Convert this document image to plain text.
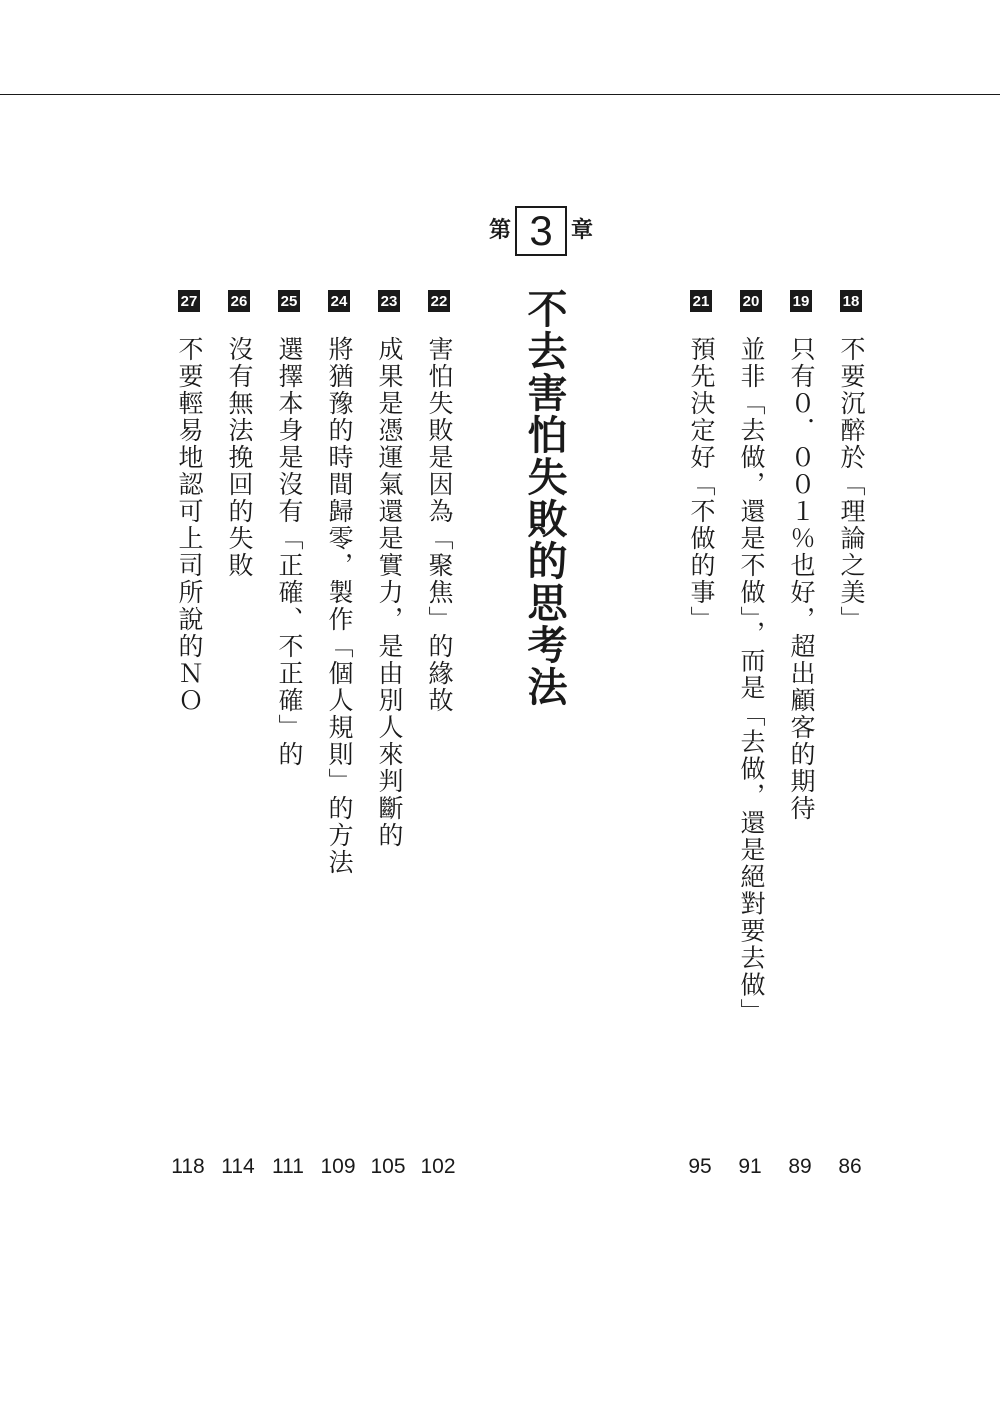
第 3 章
不去害怕失敗的思考法	18
不要沉醉於「理論之美」
86
19
只有０．００１％也好，超出顧客的期待
89
20
並非「去做，還是不做」，而是「去做，還是絕對要去做」
91
21
預先決定好「不做的事」
95
22
害怕失敗是因為「聚焦」的緣故
102
23
成果是憑運氣還是實力，是由別人來判斷的
105
24
將猶豫的時間歸零，製作「個人規則」的方法
109
25
選擇本身是沒有「正確、不正確」的
111
26
沒有無法挽回的失敗
114
27
不要輕易地認可上司所說的ＮＯ
118
